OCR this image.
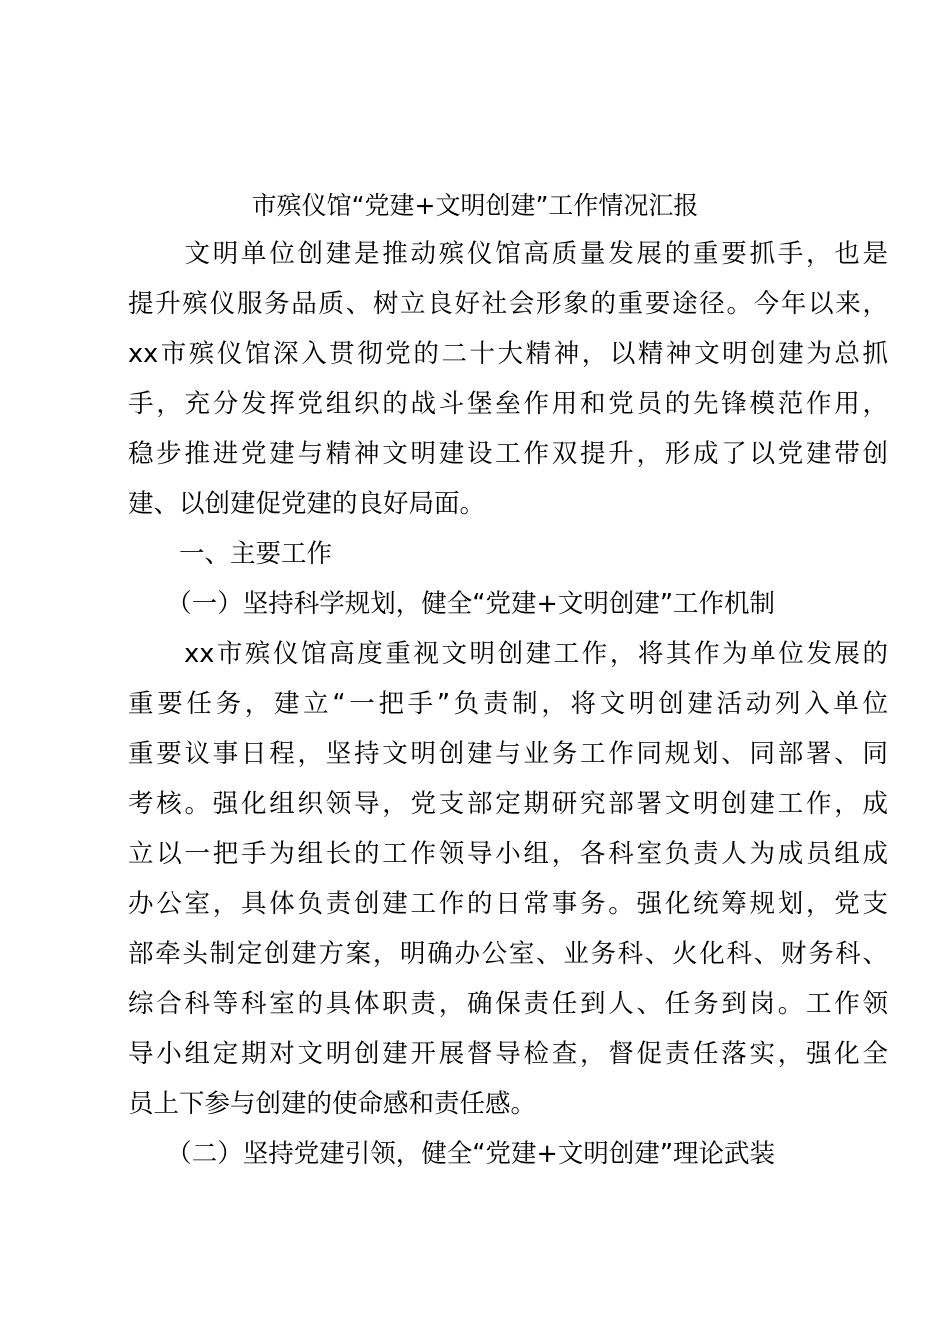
市殡仪馆“党建+文明创建”工作情况汇报
　　文明单位创建是推动殡仪馆高质量发展的重要抓手，也是
提升殡仪服务品质、树立良好社会形象的重要途径。今年以来，
xx市殡仪馆深入贯彻党的二十大精神，以精神文明创建为总抓
手，充分发挥党组织的战斗堡垒作用和党员的先锋模范作用，
稳步推进党建与精神文明建设工作双提升，形成了以党建带创
建、以创建促党建的良好局面。
　　一、主要工作
　　（一）坚持科学规划，健全“党建+文明创建”工作机制
　　xx市殡仪馆高度重视文明创建工作，将其作为单位发展的
重要任务，建立“一把手”负责制，将文明创建活动列入单位
重要议事日程，坚持文明创建与业务工作同规划、同部署、同
考核。强化组织领导，党支部定期研究部署文明创建工作，成
立以一把手为组长的工作领导小组，各科室负责人为成员组成
办公室，具体负责创建工作的日常事务。强化统筹规划，党支
部牵头制定创建方案，明确办公室、业务科、火化科、财务科、
综合科等科室的具体职责，确保责任到人、任务到岗。工作领
导小组定期对文明创建开展督导检查，督促责任落实，强化全
员上下参与创建的使命感和责任感。
　　（二）坚持党建引领，健全“党建+文明创建”理论武装
